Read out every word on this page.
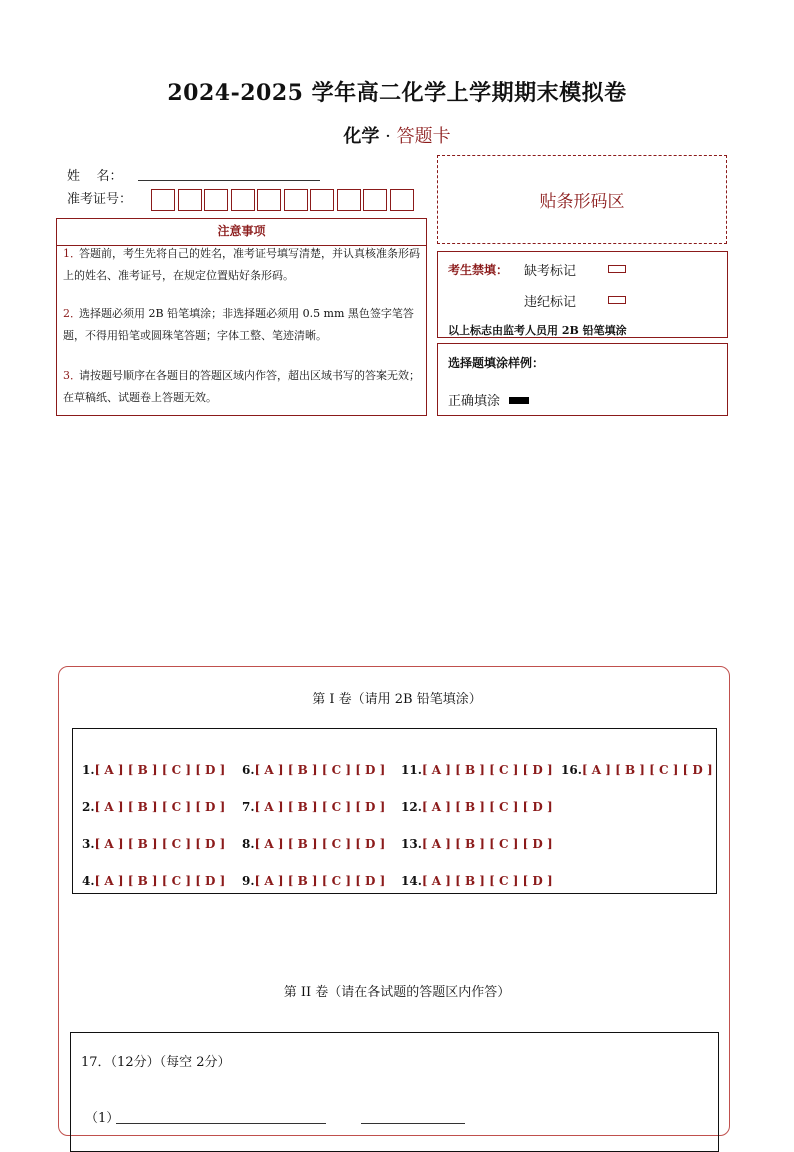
2024-2025 学年高二化学上学期期末模拟卷
化学 · 答题卡
姓    名：
准考证号：	贴条形码区
注意事项
1．答题前，考生先将自己的姓名，准考证号填写清楚，并认真核准条形码上的姓名、准考证号，在规定位置贴好条形码。
2．选择题必须用 2B 铅笔填涂；非选择题必须用 0.5 mm 黑色签字笔答题，不得用铅笔或圆珠笔答题；字体工整、笔迹清晰。
3．请按题号顺序在各题目的答题区域内作答，超出区域书写的答案无效；在草稿纸、试题卷上答题无效。
考生禁填： 缺考标记
违纪标记
以上标志由监考人员用 2B 铅笔填涂
选择题填涂样例：
正确填涂
第 I 卷（请用 2B 铅笔填涂）
1.[ A ] [ B ] [ C ] [ D ]
2.[ A ] [ B ] [ C ] [ D ]
3.[ A ] [ B ] [ C ] [ D ]
4.[ A ] [ B ] [ C ] [ D ]
6.[ A ] [ B ] [ C ] [ D ]
7.[ A ] [ B ] [ C ] [ D ]
8.[ A ] [ B ] [ C ] [ D ]
9.[ A ] [ B ] [ C ] [ D ]
11.[ A ] [ B ] [ C ] [ D ]
12.[ A ] [ B ] [ C ] [ D ]
13.[ A ] [ B ] [ C ] [ D ]
14.[ A ] [ B ] [ C ] [ D ]
16.[ A ] [ B ] [ C ] [ D ]
第 II 卷（请在各试题的答题区内作答）
17．（12分）（每空 2分）
（1）
